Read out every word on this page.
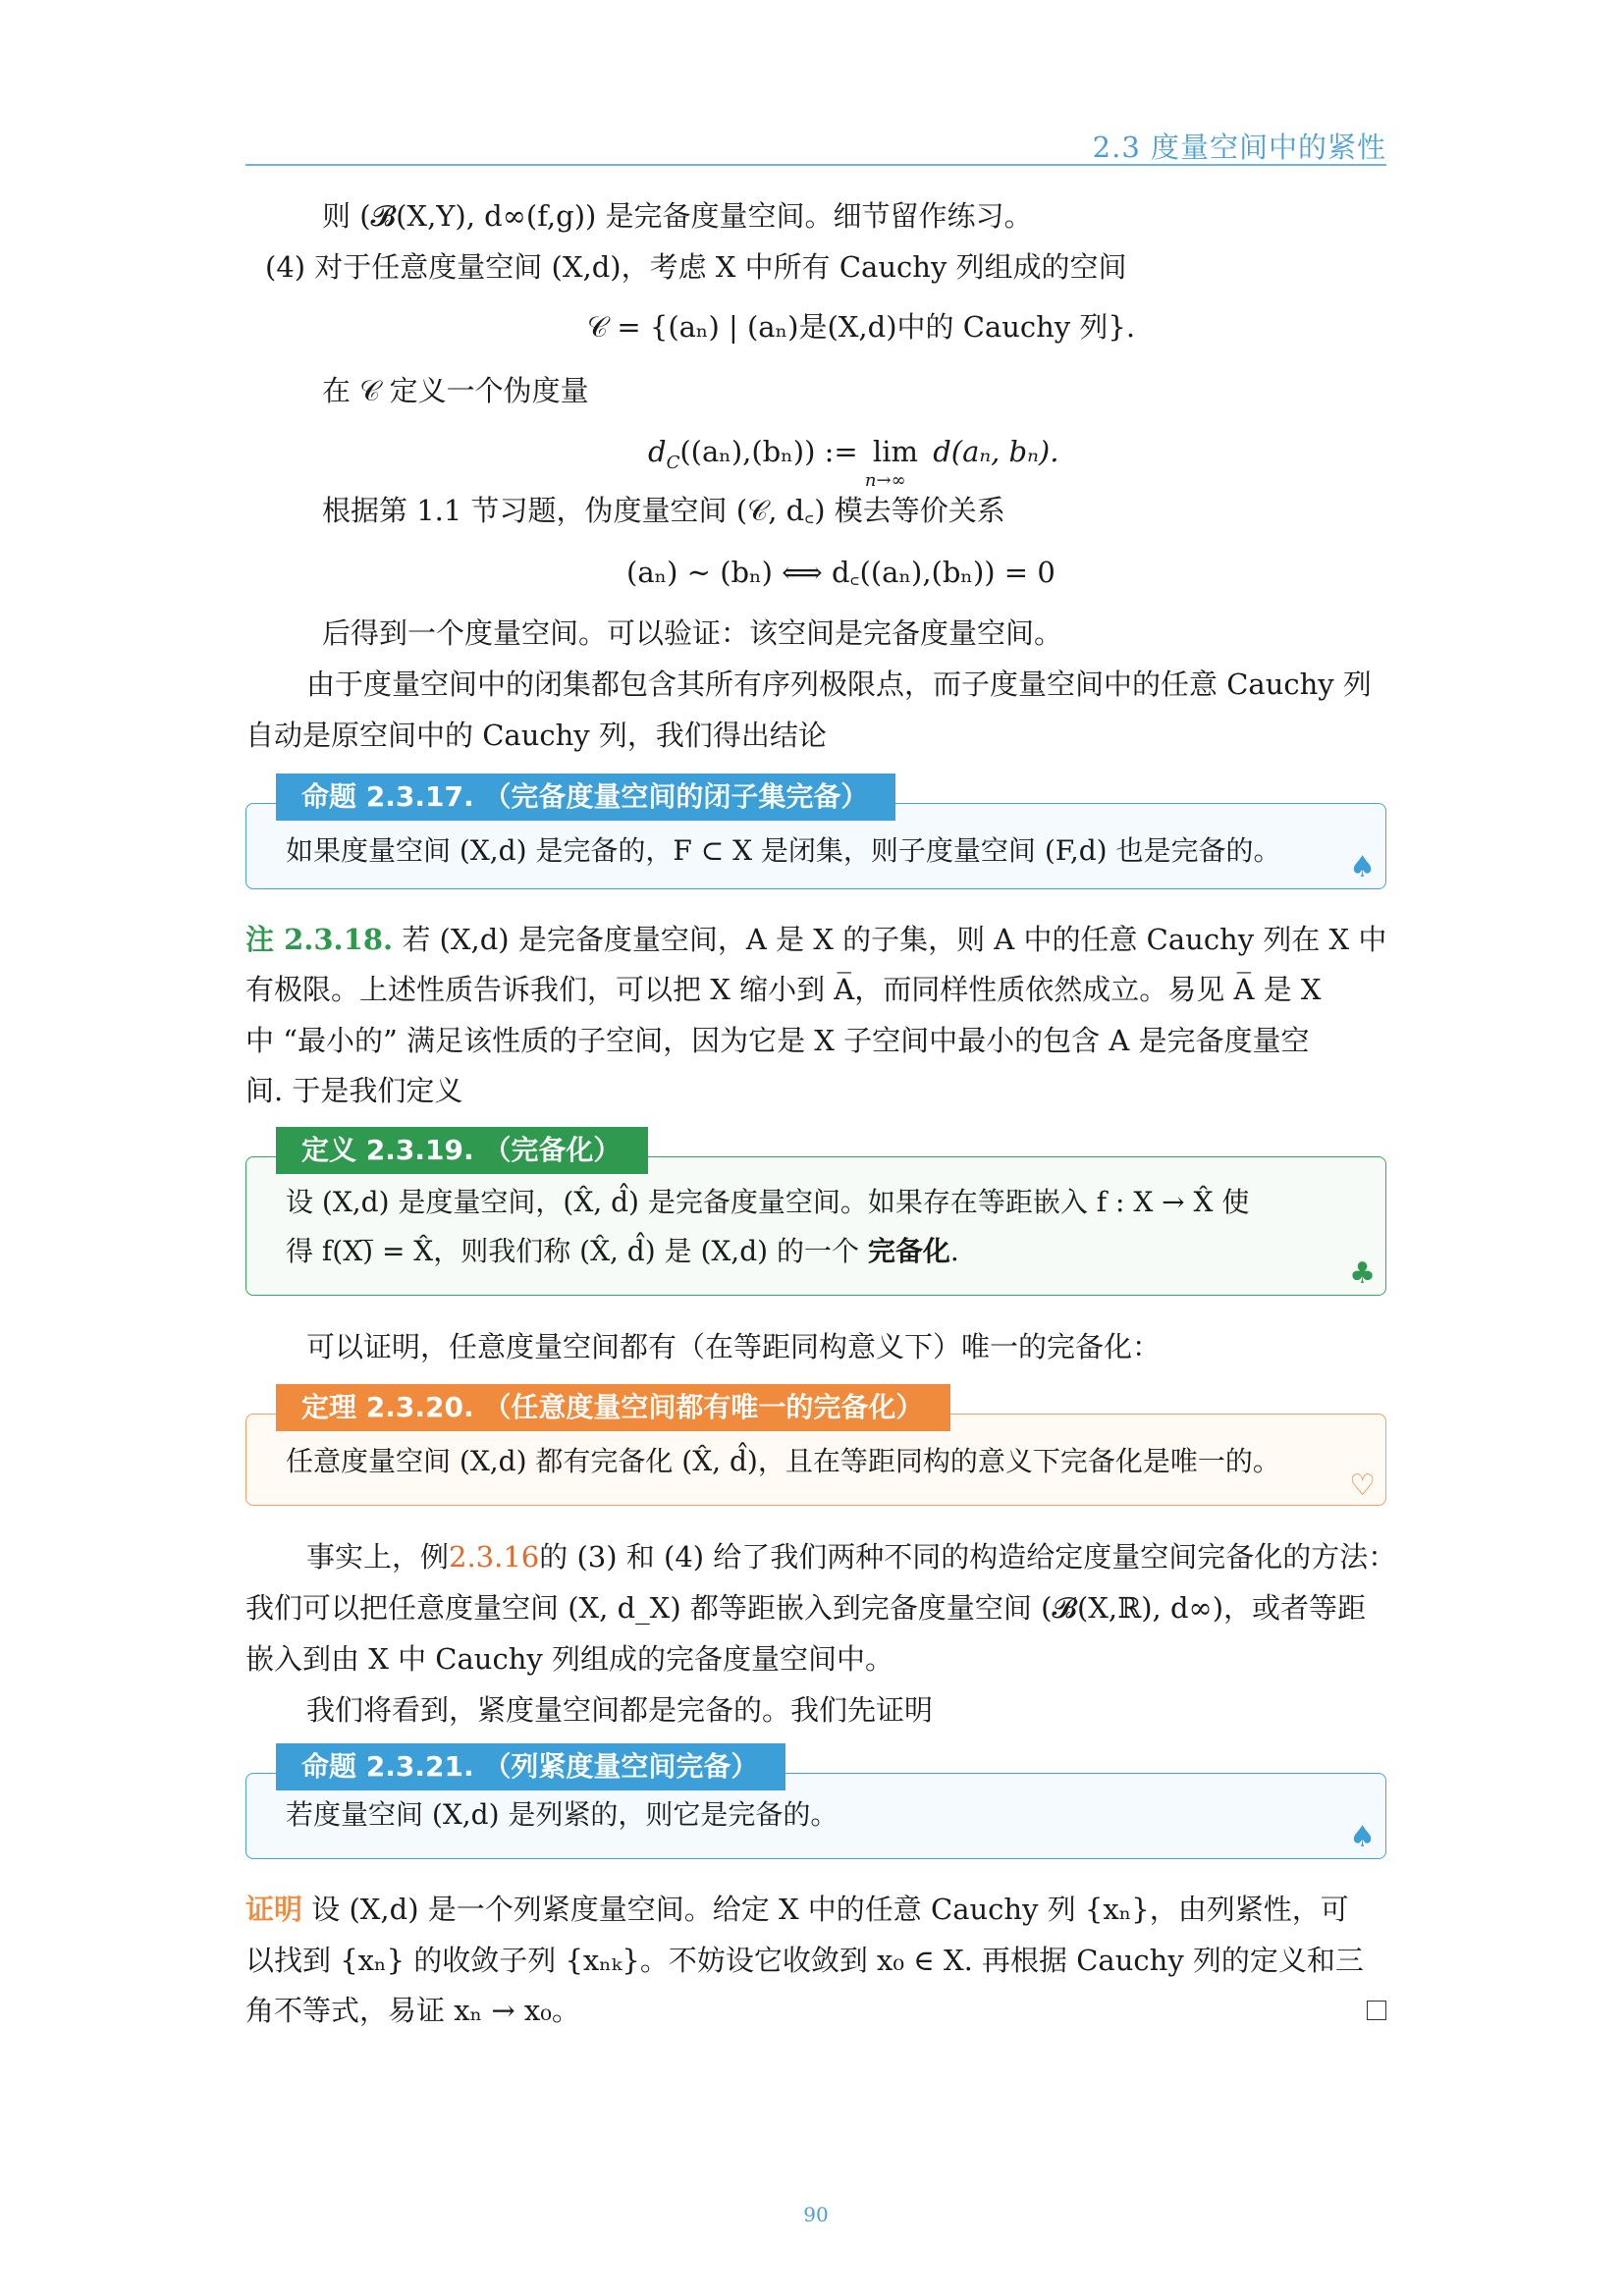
2.3 度量空间中的紧性
则 (𝓑(X,Y), d∞(f,g)) 是完备度量空间。细节留作练习。
(4) 对于任意度量空间 (X,d)，考虑 X 中所有 Cauchy 列组成的空间
𝒞 = {(aₙ) | (aₙ)是(X,d)中的 Cauchy 列}.
在 𝒞 定义一个伪度量
$d_C((a_n),(b_n))$ := lim
n→∞
d(aₙ, bₙ).
根据第 1.1 节习题，伪度量空间 (𝒞, d꜀) 模去等价关系
(aₙ) ∼ (bₙ) ⟺ d꜀((aₙ),(bₙ)) = 0
后得到一个度量空间。可以验证：该空间是完备度量空间。
由于度量空间中的闭集都包含其所有序列极限点，而子度量空间中的任意 Cauchy 列
自动是原空间中的 Cauchy 列，我们得出结论
命题 2.3.17. （完备度量空间的闭子集完备）
如果度量空间 (X,d) 是完备的，F ⊂ X 是闭集，则子度量空间 (F,d) 也是完备的。 ♠
注 2.3.18. 若 (X,d) 是完备度量空间，A 是 X 的子集，则 A 中的任意 Cauchy 列在 X 中
有极限。上述性质告诉我们，可以把 X 缩小到 A̅，而同样性质依然成立。易见 A̅ 是 X
中 “最小的” 满足该性质的子空间，因为它是 X 子空间中最小的包含 A 是完备度量空
间. 于是我们定义
定义 2.3.19. （完备化）
设 (X,d) 是度量空间，(X̂, d̂) 是完备度量空间。如果存在等距嵌入 f : X → X̂ 使
得 f(X)̅ = X̂，则我们称 (X̂, d̂) 是 (X,d) 的一个 完备化.
♣
可以证明，任意度量空间都有（在等距同构意义下）唯一的完备化：
定理 2.3.20. （任意度量空间都有唯一的完备化）
任意度量空间 (X,d) 都有完备化 (X̂, d̂)，且在等距同构的意义下完备化是唯一的。
♡
事实上，例2.3.16的 (3) 和 (4) 给了我们两种不同的构造给定度量空间完备化的方法：
我们可以把任意度量空间 (X, d_X) 都等距嵌入到完备度量空间 (𝓑(X,ℝ), d∞)，或者等距
嵌入到由 X 中 Cauchy 列组成的完备度量空间中。
我们将看到，紧度量空间都是完备的。我们先证明
命题 2.3.21. （列紧度量空间完备）
若度量空间 (X,d) 是列紧的，则它是完备的。
♠
证明 设 (X,d) 是一个列紧度量空间。给定 X 中的任意 Cauchy 列 {xₙ}，由列紧性，可
以找到 {xₙ} 的收敛子列 {xₙₖ}。不妨设它收敛到 x₀ ∈ X. 再根据 Cauchy 列的定义和三
角不等式，易证 xₙ → x₀。
90
